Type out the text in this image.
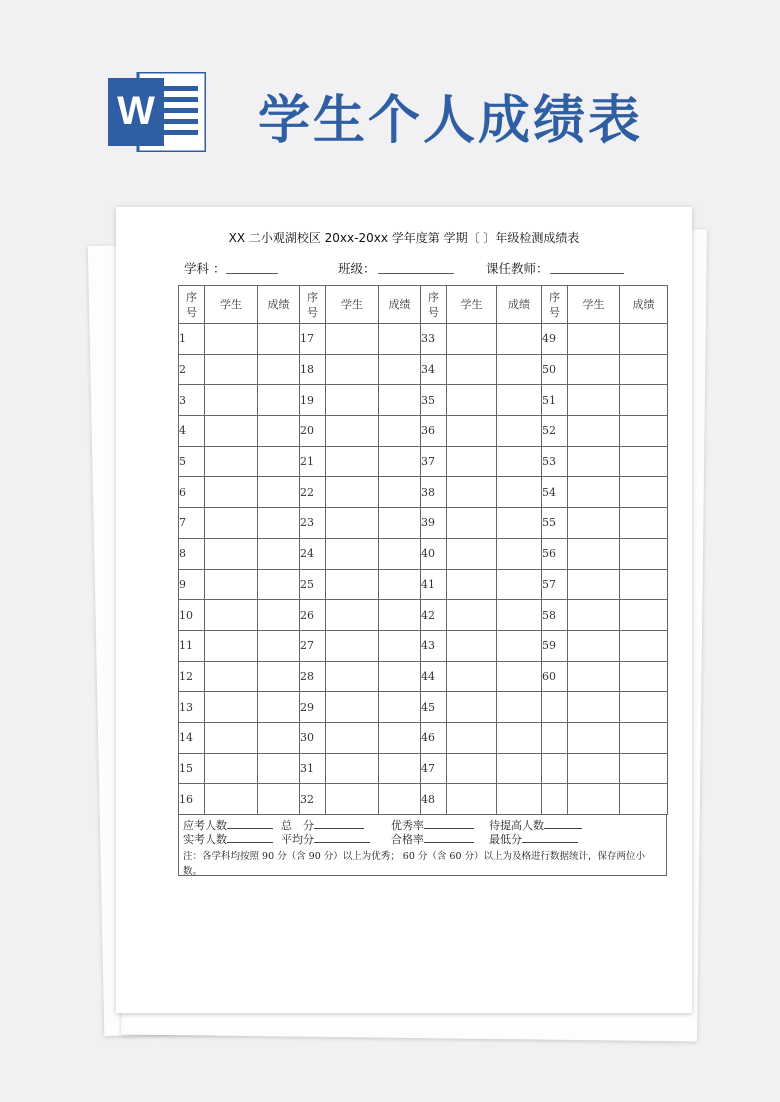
W 学生个人成绩表
XX 二小观湖校区 20xx-20xx 学年度第 学期〔 〕年级检测成绩表
学科 ：	班级：	课任教师：
序号	学生	成绩	序号	学生	成绩	序号	学生	成绩	序号	学生	成绩
1			17			33			49		
2			18			34			50		
3			19			35			51		
4			20			36			52		
5			21			37			53		
6			22			38			54		
7			23			39			55		
8			24			40			56		
9			25			41			57		
10			26			42			58		
11			27			43			59		
12			28			44			60		
13			29			45					
14			30			46					
15			31			47					
16			32			48					
应考人数	总　分	优秀率	待提高人数
实考人数	平均分	合格率	最低分
注：各学科均按照 90 分（含 90 分）以上为优秀； 60 分（含 60 分）以上为及格进行数据统计，保存两位小数。
